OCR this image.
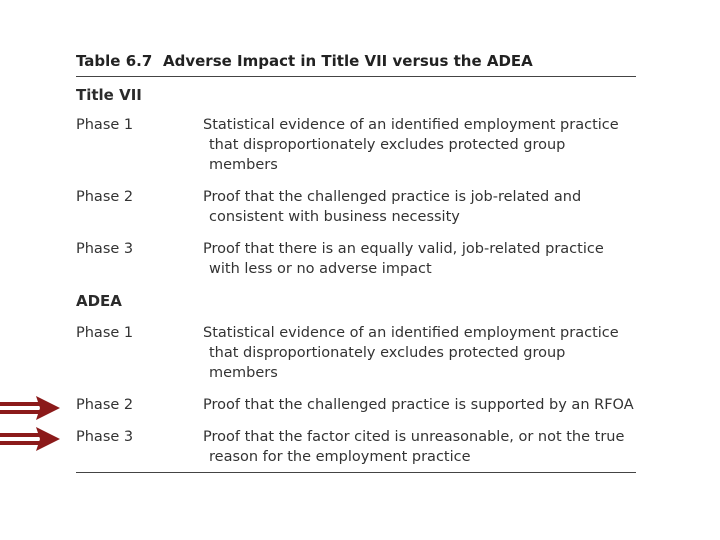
Table 6.7 Adverse Impact in Title VII versus the ADEA
Title VII
Phase 1	Statistical evidence of an identified employment practice
that disproportionately excludes protected group
members
Phase 2	Proof that the challenged practice is job-related and
consistent with business necessity
Phase 3	Proof that there is an equally valid, job-related practice
with less or no adverse impact
ADEA
Phase 1	Statistical evidence of an identified employment practice
that disproportionately excludes protected group
members
Phase 2	Proof that the challenged practice is supported by an RFOA
Phase 3	Proof that the factor cited is unreasonable, or not the true
reason for the employment practice
